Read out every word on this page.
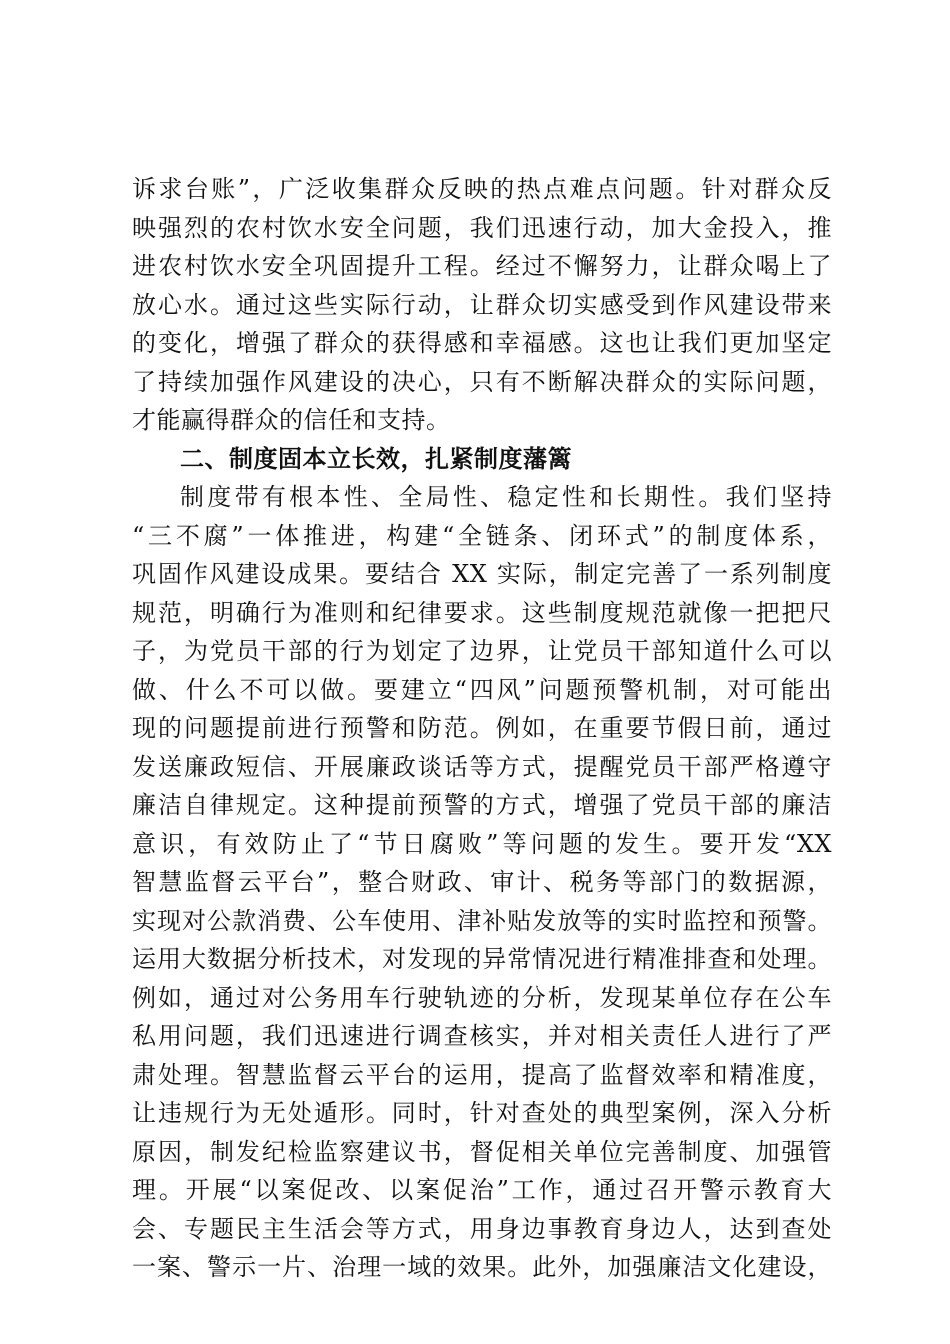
诉求台账”，广泛收集群众反映的热点难点问题。针对群众反
映强烈的农村饮水安全问题，我们迅速行动，加大金投入，推
进农村饮水安全巩固提升工程。经过不懈努力，让群众喝上了
放心水。通过这些实际行动，让群众切实感受到作风建设带来
的变化，增强了群众的获得感和幸福感。这也让我们更加坚定
了持续加强作风建设的决心，只有不断解决群众的实际问题，
才能赢得群众的信任和支持。
二、制度固本立长效，扎紧制度藩篱
制度带有根本性、全局性、稳定性和长期性。我们坚持
“三不腐”一体推进，构建“全链条、闭环式”的制度体系，
巩固作风建设成果。要结合 XX 实际，制定完善了一系列制度
规范，明确行为准则和纪律要求。这些制度规范就像一把把尺
子，为党员干部的行为划定了边界，让党员干部知道什么可以
做、什么不可以做。要建立“四风”问题预警机制，对可能出
现的问题提前进行预警和防范。例如，在重要节假日前，通过
发送廉政短信、开展廉政谈话等方式，提醒党员干部严格遵守
廉洁自律规定。这种提前预警的方式，增强了党员干部的廉洁
意识，有效防止了“节日腐败”等问题的发生。要开发“XX
智慧监督云平台”，整合财政、审计、税务等部门的数据源，
实现对公款消费、公车使用、津补贴发放等的实时监控和预警。
运用大数据分析技术，对发现的异常情况进行精准排查和处理。
例如，通过对公务用车行驶轨迹的分析，发现某单位存在公车
私用问题，我们迅速进行调查核实，并对相关责任人进行了严
肃处理。智慧监督云平台的运用，提高了监督效率和精准度，
让违规行为无处遁形。同时，针对查处的典型案例，深入分析
原因，制发纪检监察建议书，督促相关单位完善制度、加强管
理。开展“以案促改、以案促治”工作，通过召开警示教育大
会、专题民主生活会等方式，用身边事教育身边人，达到查处
一案、警示一片、治理一域的效果。此外，加强廉洁文化建设，
